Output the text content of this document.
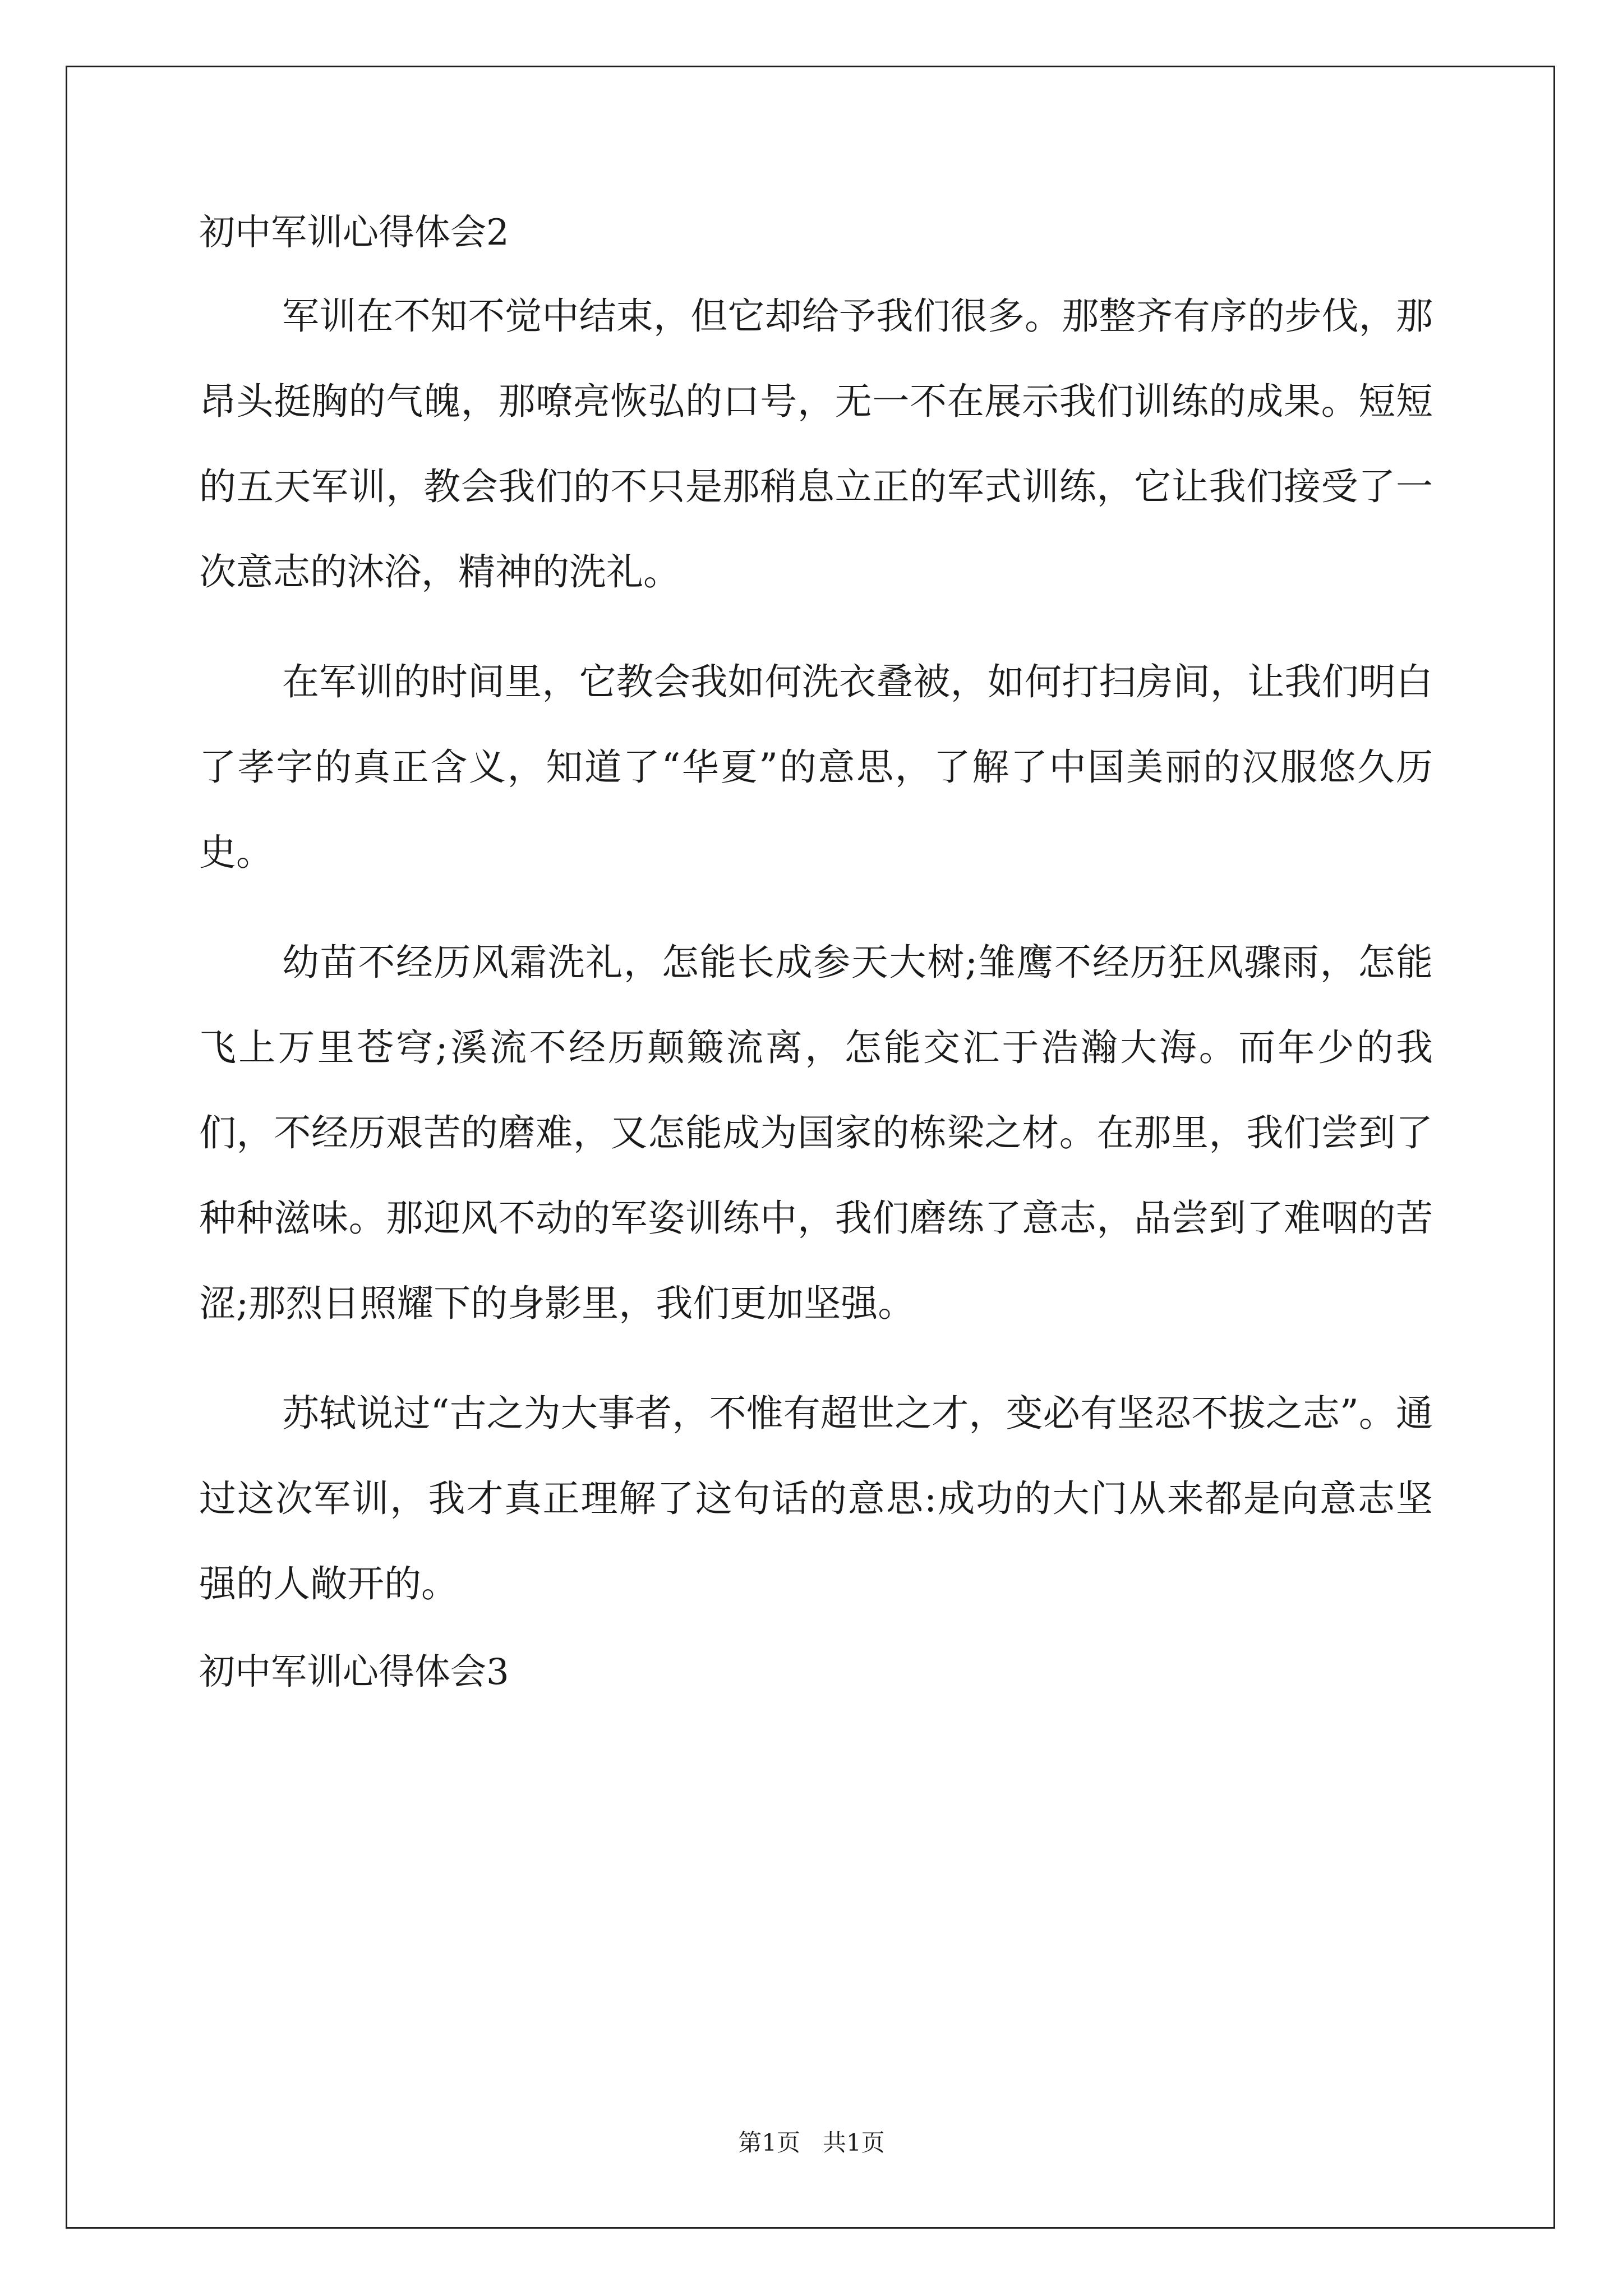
初中军训心得体会2

军训在不知不觉中结束，但它却给予我们很多。那整齐有序的步伐，那昂头挺胸的气魄，那嘹亮恢弘的口号，无一不在展示我们训练的成果。短短的五天军训，教会我们的不只是那稍息立正的军式训练，它让我们接受了一次意志的沐浴，精神的洗礼。

在军训的时间里，它教会我如何洗衣叠被，如何打扫房间，让我们明白了孝字的真正含义，知道了“华夏”的意思，了解了中国美丽的汉服悠久历史。

幼苗不经历风霜洗礼，怎能长成参天大树;雏鹰不经历狂风骤雨，怎能飞上万里苍穹;溪流不经历颠簸流离，怎能交汇于浩瀚大海。而年少的我们，不经历艰苦的磨难，又怎能成为国家的栋梁之材。在那里，我们尝到了种种滋味。那迎风不动的军姿训练中，我们磨练了意志，品尝到了难咽的苦涩;那烈日照耀下的身影里，我们更加坚强。

苏轼说过“古之为大事者，不惟有超世之才，变必有坚忍不拔之志”。通过这次军训，我才真正理解了这句话的意思:成功的大门从来都是向意志坚强的人敞开的。

初中军训心得体会3
第1页   共1页
